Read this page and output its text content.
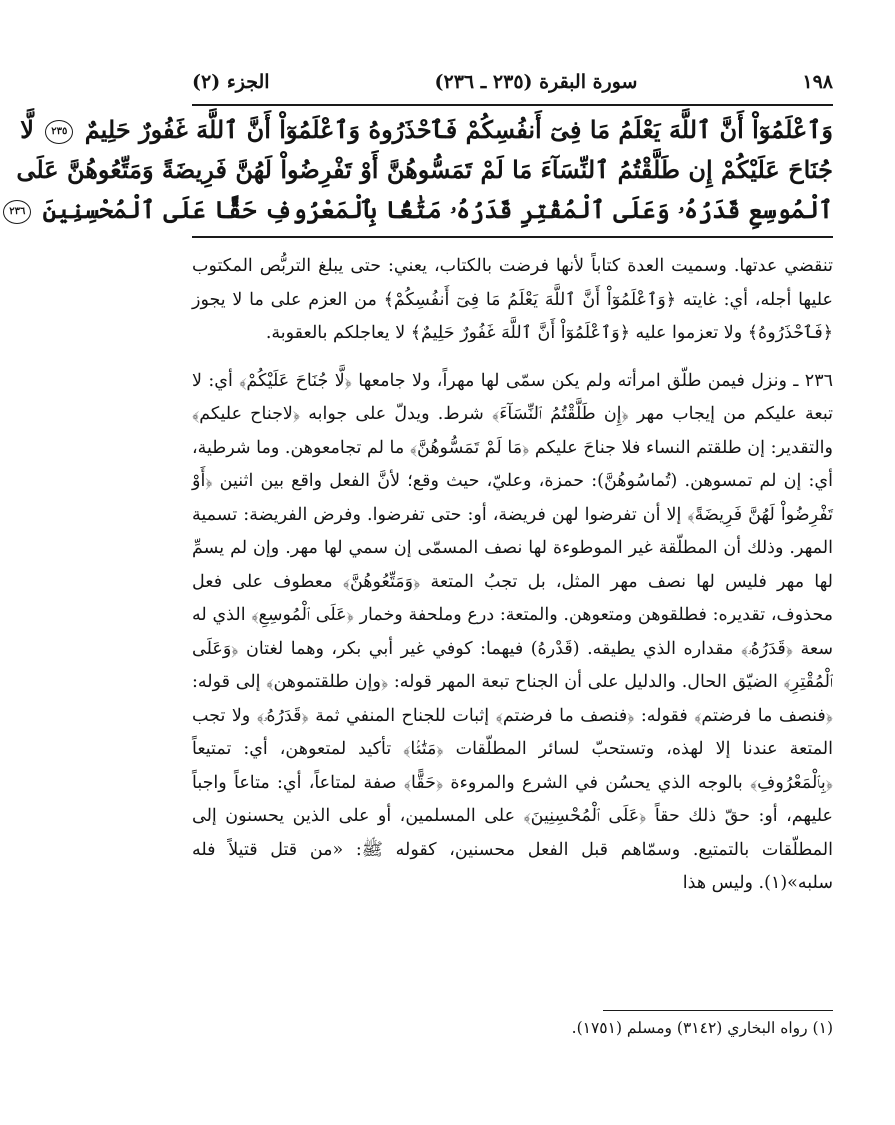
١٩٨
سورة البقرة (٢٣٥ ـ ٢٣٦)
الجزء (٢)

وَٱعْلَمُوٓاْ أَنَّ ٱللَّهَ يَعْلَمُ مَا فِىٓ أَنفُسِكُمْ فَٱحْذَرُوهُ وَٱعْلَمُوٓاْ أَنَّ ٱللَّهَ غَفُورٌ حَلِيمٌ ٢٣٥ لَّا

جُنَاحَ عَلَيْكُمْ إِن طَلَّقْتُمُ ٱلنِّسَآءَ مَا لَمْ تَمَسُّوهُنَّ أَوْ تَفْرِضُواْ لَهُنَّ فَرِيضَةً وَمَتِّعُوهُنَّ عَلَى

ٱلْمُوسِعِ قَدَرُهُۥ وَعَلَى ٱلْمُقْتِرِ قَدَرُهُۥ مَتَٰعًۢا بِٱلْمَعْرُوفِ حَقًّا عَلَى ٱلْمُحْسِنِينَ ٢٣٦

تنقضي عدتها. وسميت العدة كتاباً لأنها فرضت بالكتاب، يعني: حتى يبلغ التربُّص المكتوب عليها أجله، أي: غايته ﴿وَٱعْلَمُوٓاْ أَنَّ ٱللَّهَ يَعْلَمُ مَا فِىٓ أَنفُسِكُمْ﴾ من العزم على ما لا يجوز ﴿فَٱحْذَرُوهُ﴾ ولا تعزموا عليه ﴿وَٱعْلَمُوٓاْ أَنَّ ٱللَّهَ غَفُورٌ حَلِيمٌ﴾ لا يعاجلكم بالعقوبة.

٢٣٦ ـ ونزل فيمن طلّق امرأته ولم يكن سمّى لها مهراً، ولا جامعها ﴿لَّا جُنَاحَ عَلَيْكُمْ﴾ أي: لا تبعة عليكم من إيجاب مهر ﴿إِن طَلَّقْتُمُ ٱلنِّسَآءَ﴾ شرط. ويدلّ على جوابه ﴿لاجناح عليكم﴾ والتقدير: إن طلقتم النساء فلا جناحَ عليكم ﴿مَا لَمْ تَمَسُّوهُنَّ﴾ ما لم تجامعوهن. وما شرطية، أي: إن لم تمسوهن. (تُماسُوهُنَّ): حمزة، وعليّ، حيث وقع؛ لأنَّ الفعل واقع بين اثنين ﴿أَوْ تَفْرِضُواْ لَهُنَّ فَرِيضَةً﴾ إلا أن تفرضوا لهن فريضة، أو: حتى تفرضوا. وفرض الفريضة: تسمية المهر. وذلك أن المطلّقة غير الموطوءة لها نصف المسمّى إن سمي لها مهر. وإن لم يسمِّ لها مهر فليس لها نصف مهر المثل، بل تجبُ المتعة ﴿وَمَتِّعُوهُنَّ﴾ معطوف على فعل محذوف، تقديره: فطلقوهن ومتعوهن. والمتعة: درع وملحفة وخمار ﴿عَلَى ٱلْمُوسِعِ﴾ الذي له سعة ﴿قَدَرُهُۥ﴾ مقداره الذي يطيقه. (قَدْرهُ) فيهما: كوفي غير أبي بكر، وهما لغتان ﴿وَعَلَى ٱلْمُقْتِرِ﴾ الضيّق الحال. والدليل على أن الجناح تبعة المهر قوله: ﴿وإن طلقتموهن﴾ إلى قوله: ﴿فنصف ما فرضتم﴾ فقوله: ﴿فنصف ما فرضتم﴾ إثبات للجناح المنفي ثمة ﴿قَدَرُهُۥ﴾ ولا تجب المتعة عندنا إلا لهذه، وتستحبّ لسائر المطلّقات ﴿مَتَٰعًۢا﴾ تأكيد لمتعوهن، أي: تمتيعاً ﴿بِٱلْمَعْرُوفِ﴾ بالوجه الذي يحسُن في الشرع والمروءة ﴿حَقًّا﴾ صفة لمتاعاً، أي: متاعاً واجباً عليهم، أو: حقّ ذلك حقاً ﴿عَلَى ٱلْمُحْسِنِينَ﴾ على المسلمين، أو على الذين يحسنون إلى المطلّقات بالتمتيع. وسمّاهم قبل الفعل محسنين، كقوله ﷺ: «من قتل قتيلاً فله سلبه»(١). وليس هذا

(١) رواه البخاري (٣١٤٢) ومسلم (١٧٥١).
